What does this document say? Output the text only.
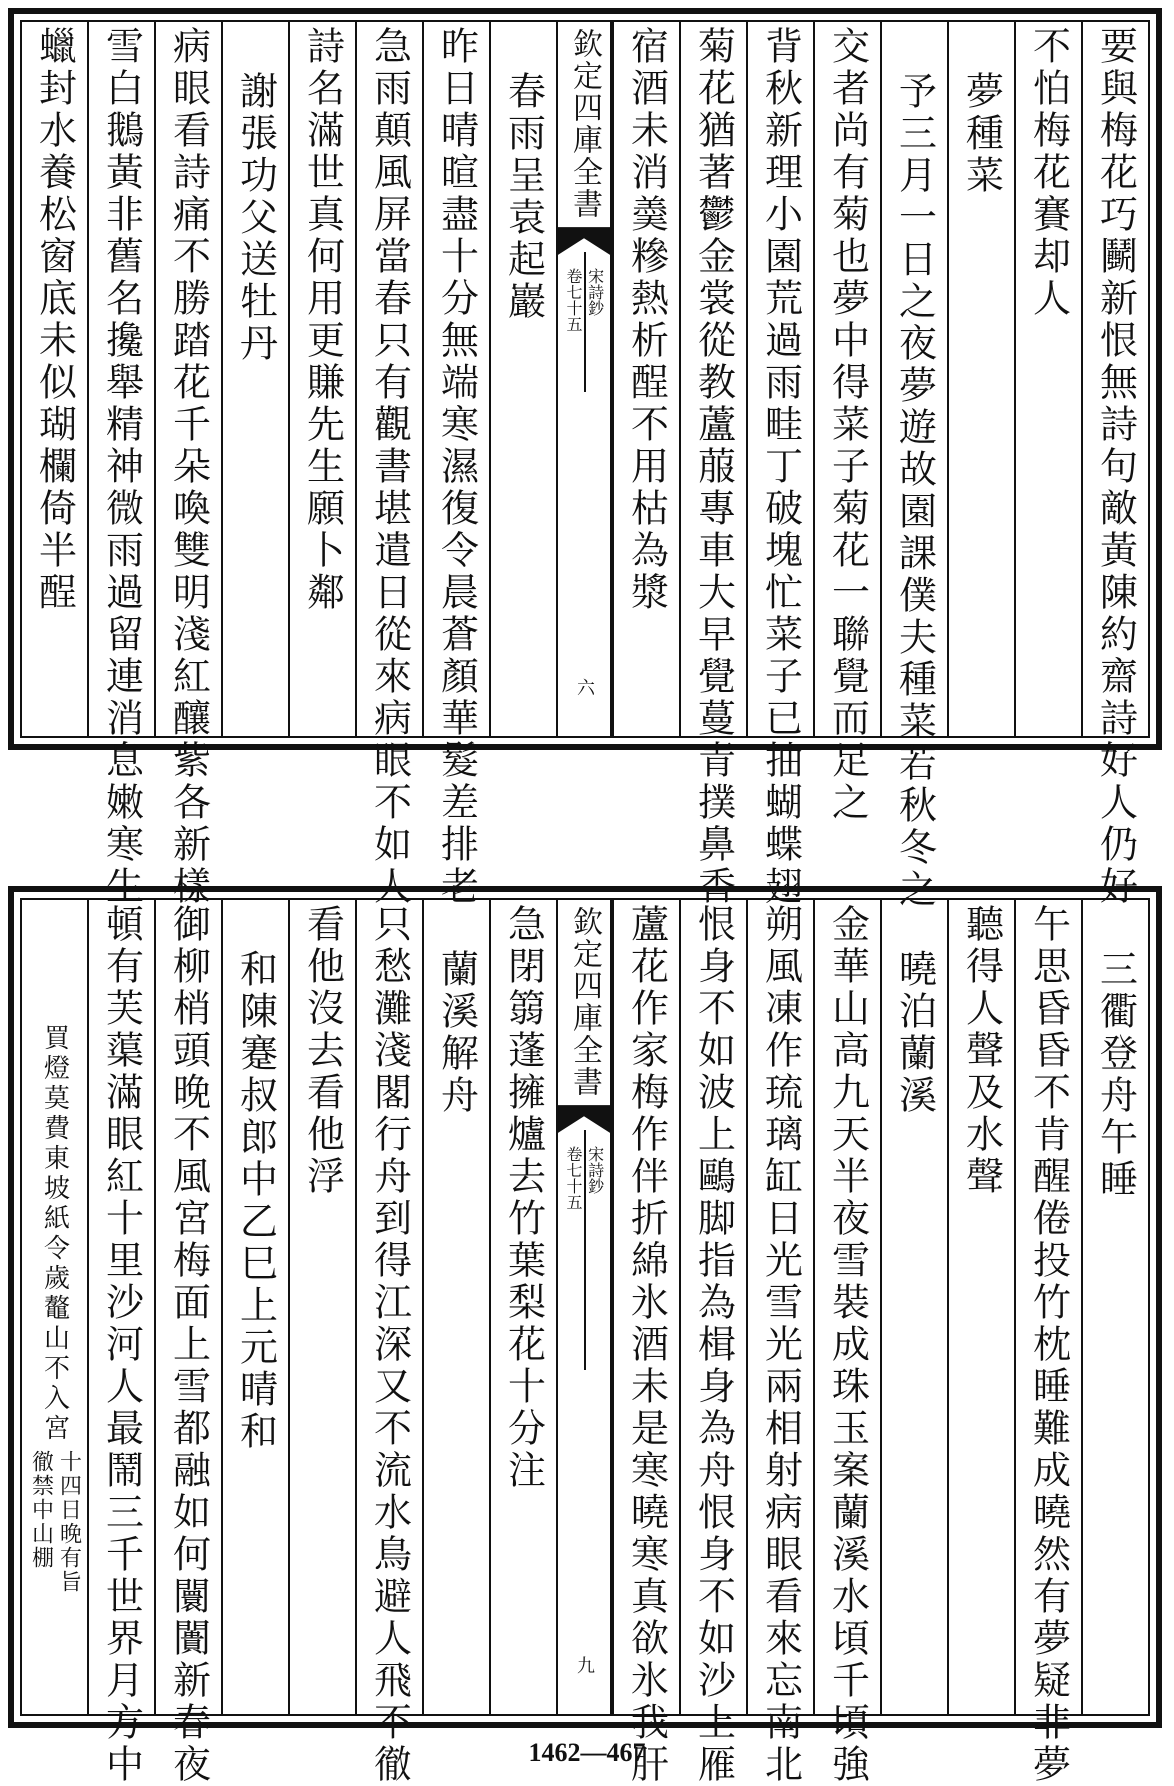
要與梅花巧鬭新恨無詩句敵黃陳約齋詩好人仍好
不怕梅花賽却人
夢種菜
予三月一日之夜夢遊故園課僕夫種菜若秋冬之
交者尚有菊也夢中得菜子菊花一聯覺而足之
背秋新理小園荒過雨畦丁破塊忙菜子已抽蝴蝶翅
菊花猶著鬱金裳從教蘆菔專車大早覺蔓青撲鼻香
宿酒未消羮糝熱析酲不用枯為漿
欽定四庫全書
宋詩鈔
卷七十五
六
春雨呈袁起巖
昨日晴暄盡十分無端寒濕復令晨蒼顏華髮差排老
急雨顛風屏當春只有觀書堪遣日從來病眼不如人
詩名滿世真何用更賺先生願卜鄰
謝張功父送牡丹
病眼看詩痛不勝踏花千朵喚雙明淺紅釀紫各新樣
雪白鵝黃非舊名攙舉精神微雨過留連消息嫩寒生
蠟封水養松窗底未似瑚欄倚半酲
三衢登舟午睡
午思昏昏不肯醒倦投竹枕睡難成曉然有夢疑非夢
聽得人聲及水聲
曉泊蘭溪
金華山高九天半夜雪裝成珠玉案蘭溪水頃千頃強
朔風凍作琉璃缸日光雪光兩相射病眼看來忘南北
恨身不如波上鷗脚指為楫身為舟恨身不如沙上雁
蘆花作家梅作伴折綿氷酒未是寒曉寒真欲氷我肝
欽定四庫全書
宋詩鈔
卷七十五
九
急閉篛蓬擁爐去竹葉梨花十分注
蘭溪解舟
只愁灘淺閣行舟到得江深又不流水鳥避人飛不徹
看他沒去看他浮
和陳蹇叔郎中乙巳上元晴和
御柳梢頭晚不風宮梅面上雪都融如何闤闠新春夜
頓有芙蕖滿眼紅十里沙河人最鬧三千世界月方中
買燈莫費東坡紙令歲鼇山不入宮
十四日晚有旨
徹禁中山棚
1462—467
